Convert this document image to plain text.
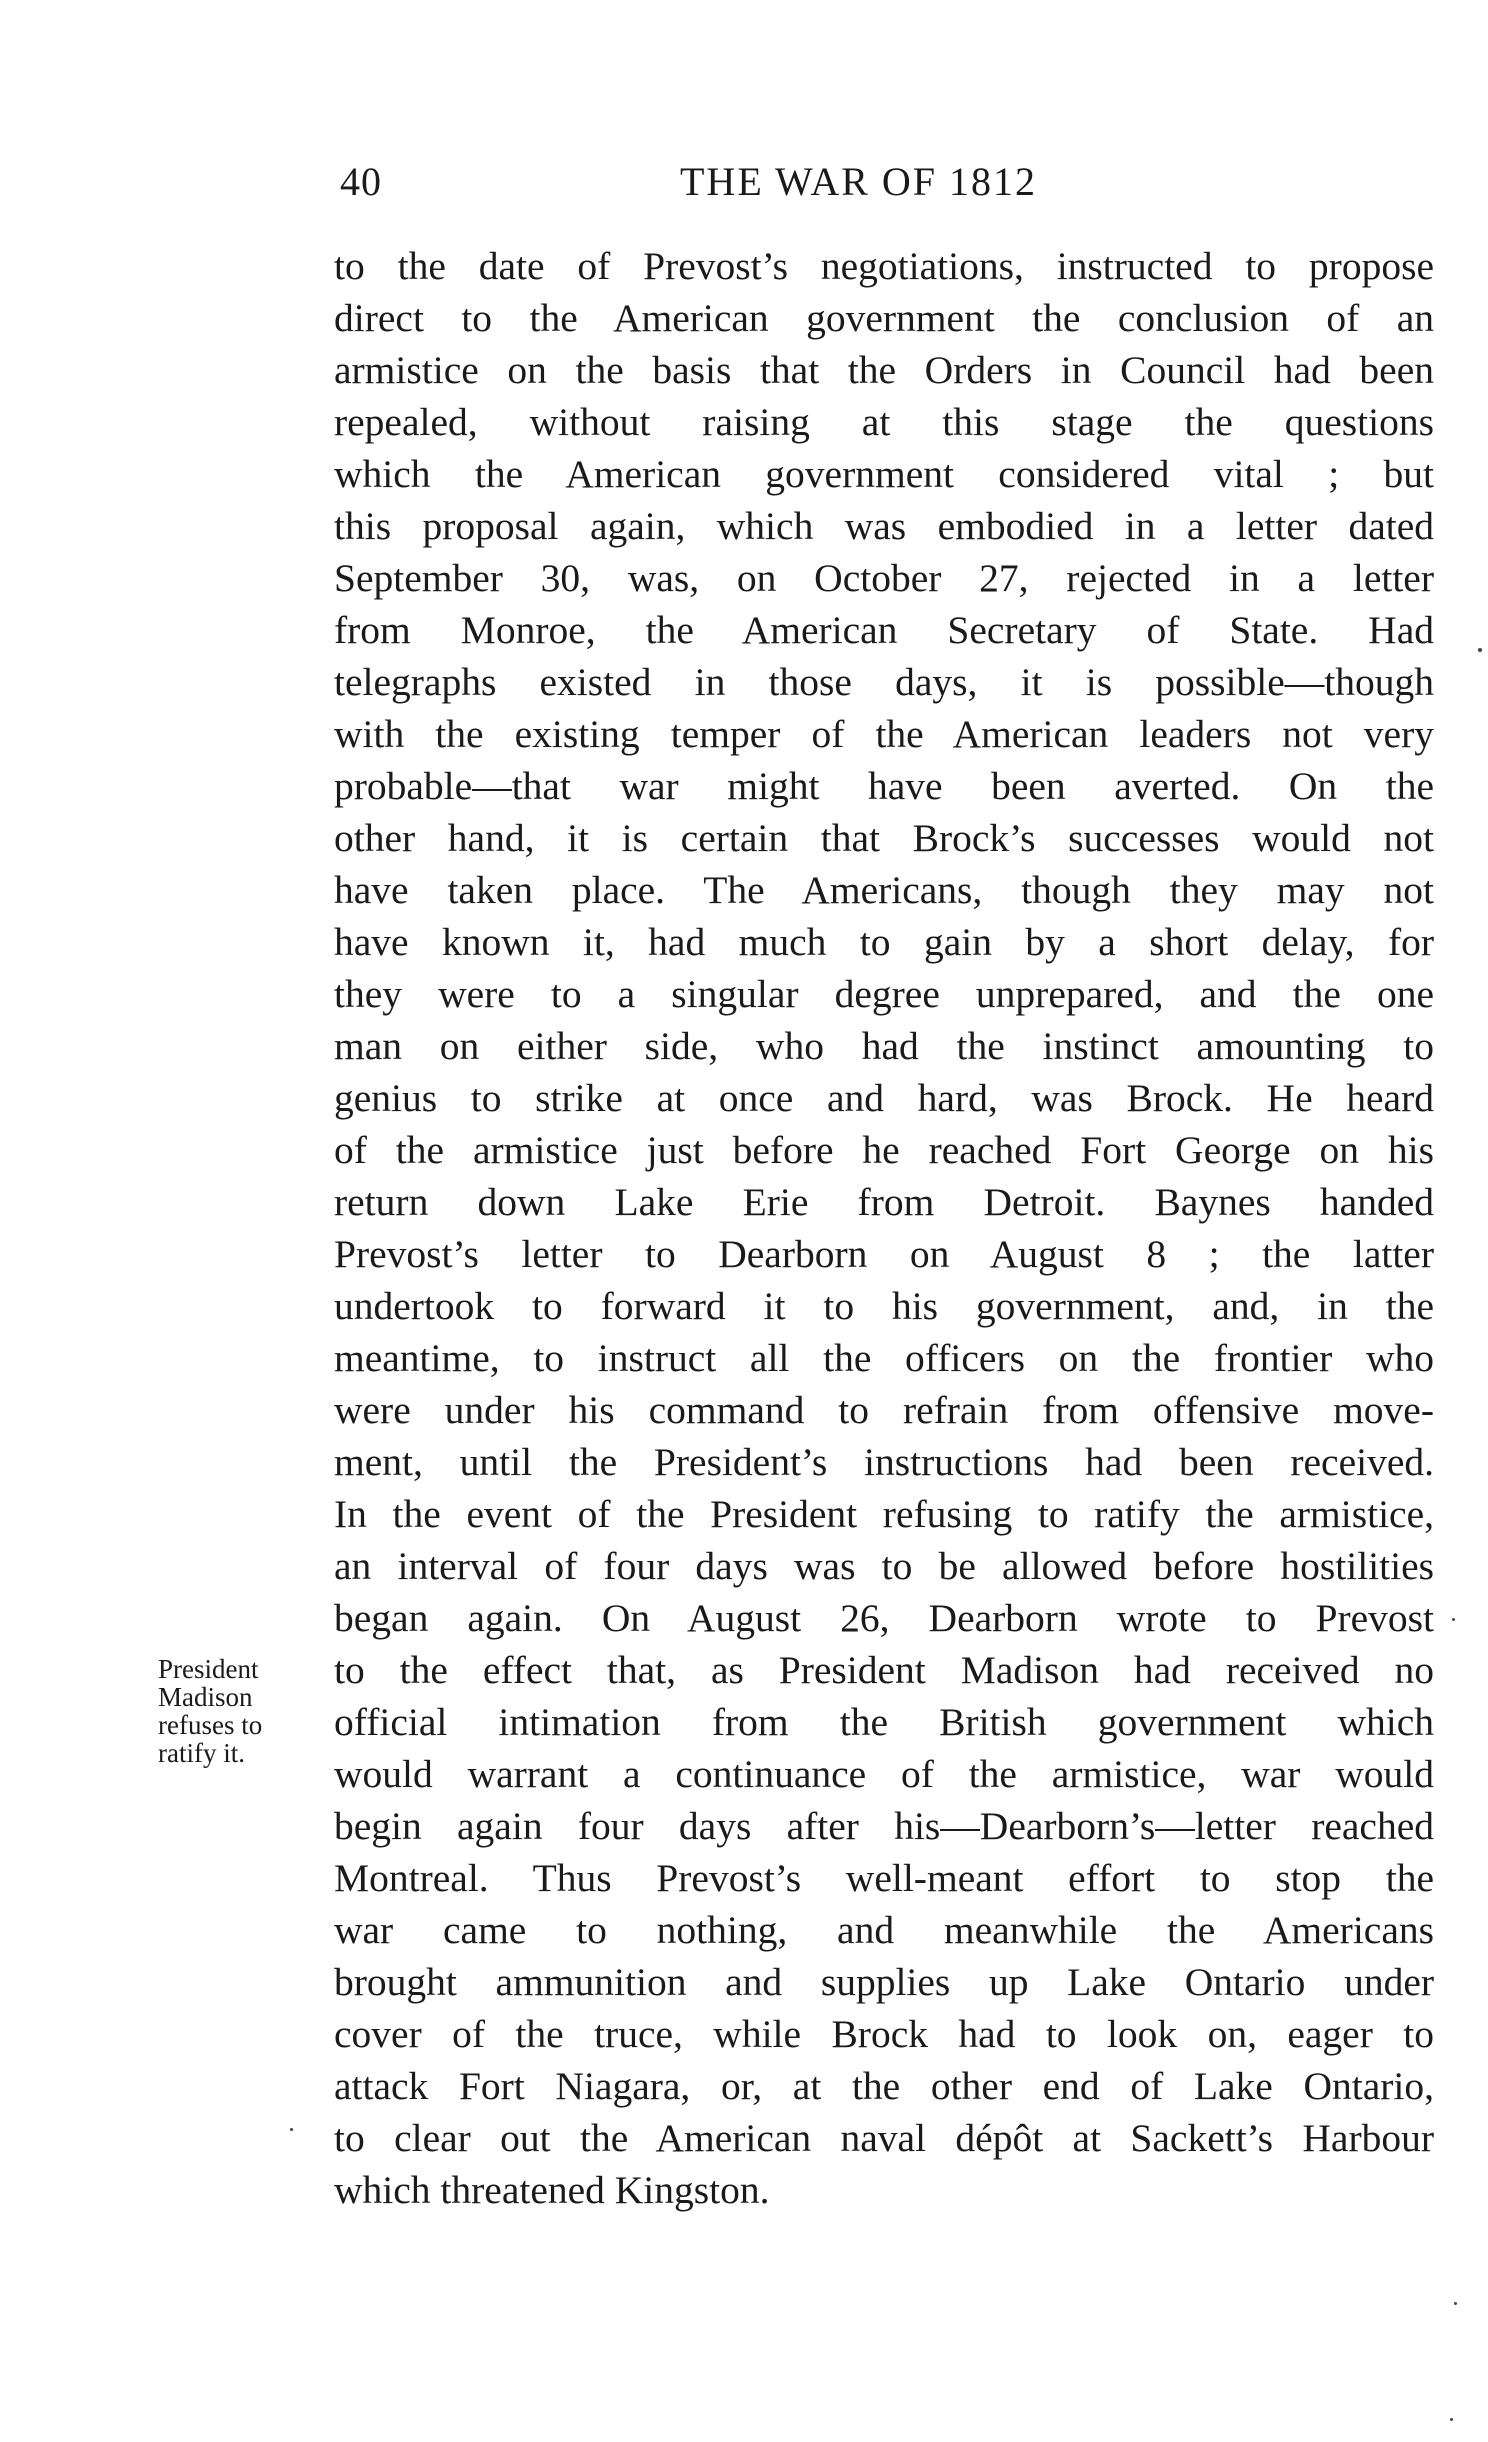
40	THE WAR OF 1812
President
Madison
refuses to
ratify it.
to the date of Prevost’s negotiations, instructed to propose
direct to the American government the conclusion of an
armistice on the basis that the Orders in Council had been
repealed, without raising at this stage the questions
which the American government considered vital ; but
this proposal again, which was embodied in a letter dated
September 30, was, on October 27, rejected in a letter
from Monroe, the American Secretary of State. Had
telegraphs existed in those days, it is possible—though
with the existing temper of the American leaders not very
probable—that war might have been averted. On the
other hand, it is certain that Brock’s successes would not
have taken place. The Americans, though they may not
have known it, had much to gain by a short delay, for
they were to a singular degree unprepared, and the one
man on either side, who had the instinct amounting to
genius to strike at once and hard, was Brock. He heard
of the armistice just before he reached Fort George on his
return down Lake Erie from Detroit. Baynes handed
Prevost’s letter to Dearborn on August 8 ; the latter
undertook to forward it to his government, and, in the
meantime, to instruct all the officers on the frontier who
were under his command to refrain from offensive move-
ment, until the President’s instructions had been received.
In the event of the President refusing to ratify the armistice,
an interval of four days was to be allowed before hostilities
began again. On August 26, Dearborn wrote to Prevost
to the effect that, as President Madison had received no
official intimation from the British government which
would warrant a continuance of the armistice, war would
begin again four days after his—Dearborn’s—letter reached
Montreal. Thus Prevost’s well-meant effort to stop the
war came to nothing, and meanwhile the Americans
brought ammunition and supplies up Lake Ontario under
cover of the truce, while Brock had to look on, eager to
attack Fort Niagara, or, at the other end of Lake Ontario,
to clear out the American naval dépôt at Sackett’s Harbour
which threatened Kingston.
